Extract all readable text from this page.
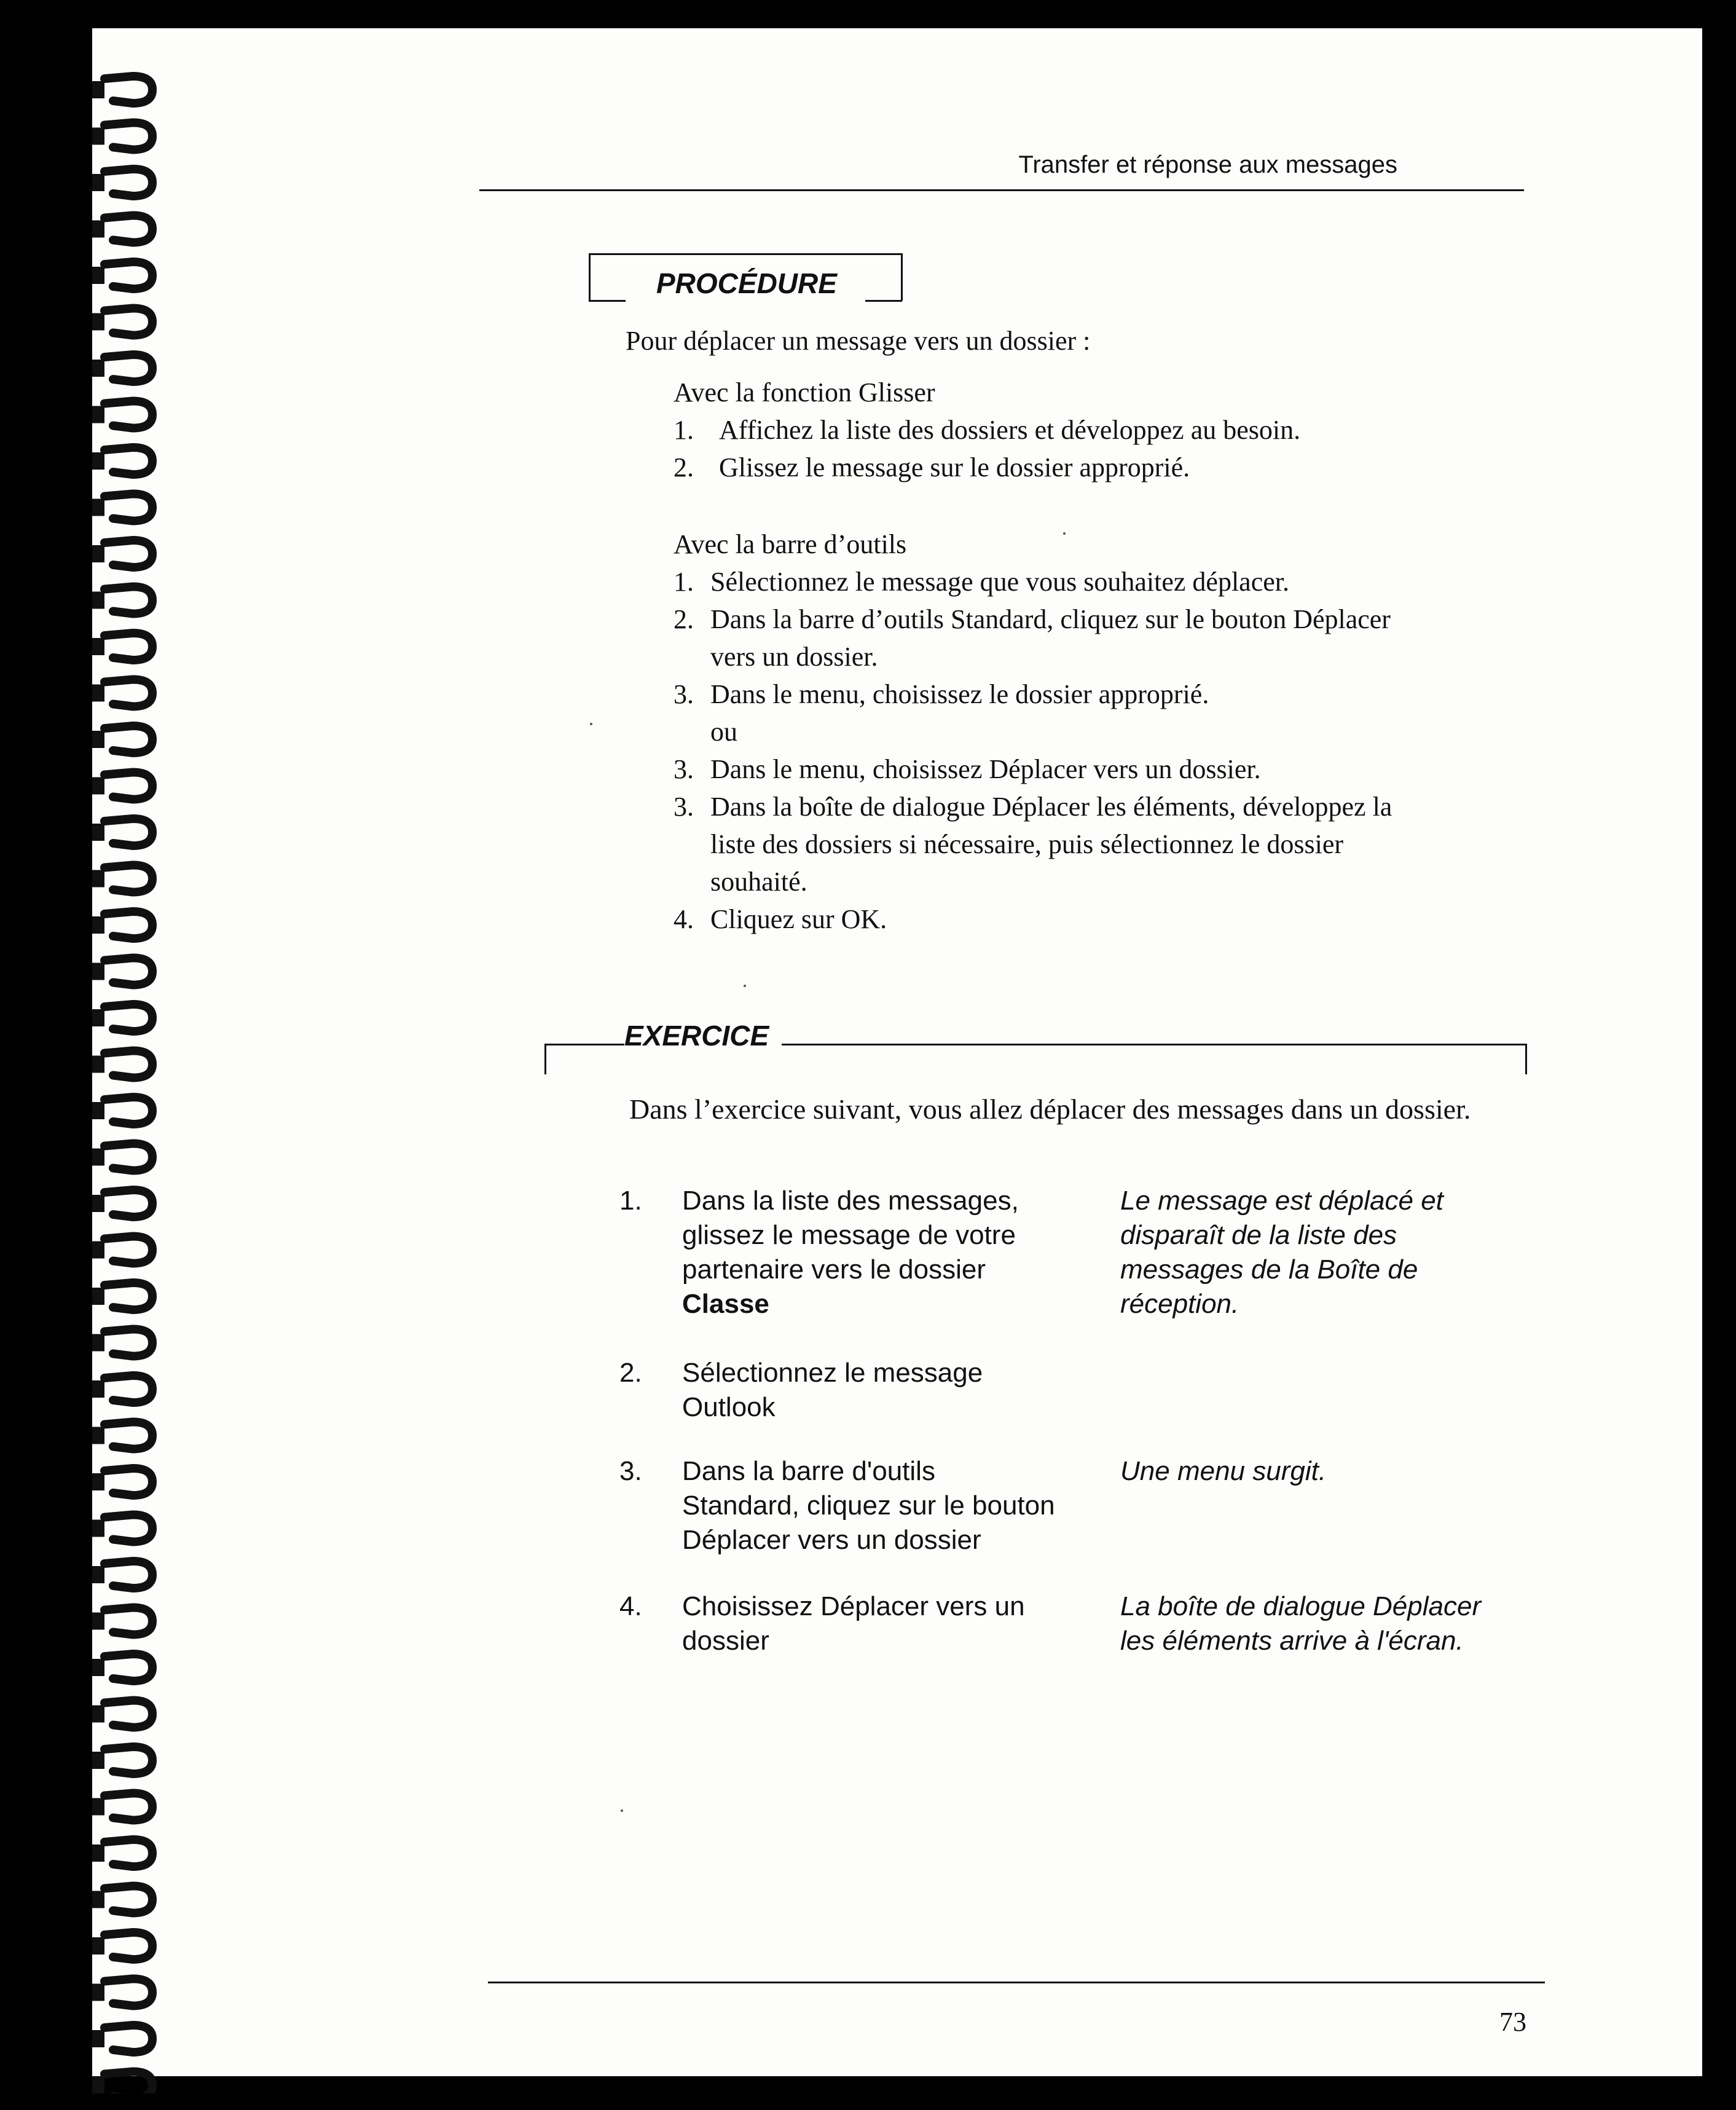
Transfer et réponse aux messages
PROCÉDURE
Pour déplacer un message vers un dossier :
Avec la fonction Glisser
1. Affichez la liste des dossiers et développez au besoin.
2. Glissez le message sur le dossier approprié.
Avec la barre d’outils
1. Sélectionnez le message que vous souhaitez déplacer.
2. Dans la barre d’outils Standard, cliquez sur le bouton Déplacer
vers un dossier.
3. Dans le menu, choisissez le dossier approprié.
ou
3. Dans le menu, choisissez Déplacer vers un dossier.
3. Dans la boîte de dialogue Déplacer les éléments, développez la
liste des dossiers si nécessaire, puis sélectionnez le dossier
souhaité.
4. Cliquez sur OK.
EXERCICE
Dans l’exercice suivant, vous allez déplacer des messages dans un dossier.
1. Dans la liste des messages,
glissez le message de votre
partenaire vers le dossier
Classe
Le message est déplacé et
disparaît de la liste des
messages de la Boîte de
réception.
2. Sélectionnez le message
Outlook
3. Dans la barre d'outils
Standard, cliquez sur le bouton
Déplacer vers un dossier
Une menu surgit.
4. Choisissez Déplacer vers un
dossier
La boîte de dialogue Déplacer
les éléments arrive à l'écran.
73
